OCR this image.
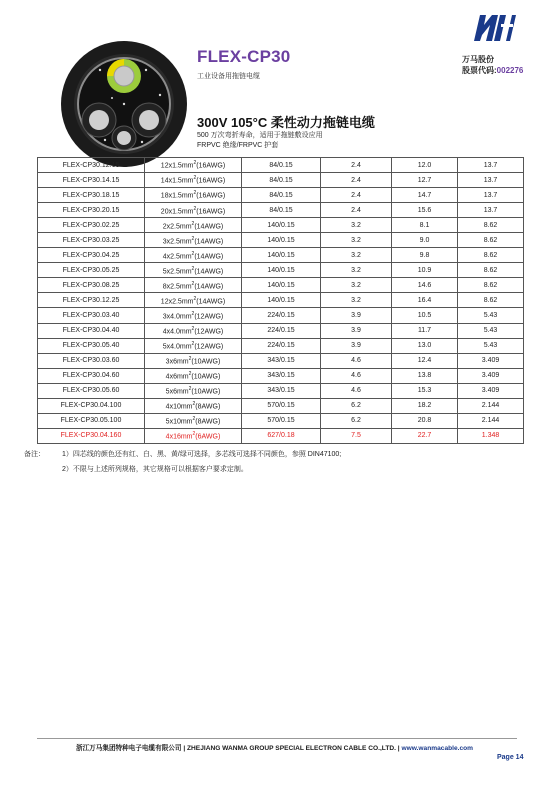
FLEX-CP30
工业设备用拖链电缆
万马股份
股票代码:002276
300V 105°C 柔性动力拖链电缆
500 万次弯折寿命，适用于拖链敷设应用
FRPVC 绝缘/FRPVC 护套
FLEX-CP30.12.15	$12x1.5mm^2(16AWG)$	84/0.15	2.4	12.0	13.7
FLEX-CP30.14.15	$14x1.5mm^2(16AWG)$	84/0.15	2.4	12.7	13.7
FLEX-CP30.18.15	$18x1.5mm^2(16AWG)$	84/0.15	2.4	14.7	13.7
FLEX-CP30.20.15	$20x1.5mm^2(16AWG)$	84/0.15	2.4	15.6	13.7
FLEX-CP30.02.25	$2x2.5mm^2(14AWG)$	140/0.15	3.2	8.1	8.62
FLEX-CP30.03.25	$3x2.5mm^2(14AWG)$	140/0.15	3.2	9.0	8.62
FLEX-CP30.04.25	$4x2.5mm^2(14AWG)$	140/0.15	3.2	9.8	8.62
FLEX-CP30.05.25	$5x2.5mm^2(14AWG)$	140/0.15	3.2	10.9	8.62
FLEX-CP30.08.25	$8x2.5mm^2(14AWG)$	140/0.15	3.2	14.6	8.62
FLEX-CP30.12.25	$12x2.5mm^2(14AWG)$	140/0.15	3.2	16.4	8.62
FLEX-CP30.03.40	$3x4.0mm^2(12AWG)$	224/0.15	3.9	10.5	5.43
FLEX-CP30.04.40	$4x4.0mm^2(12AWG)$	224/0.15	3.9	11.7	5.43
FLEX-CP30.05.40	$5x4.0mm^2(12AWG)$	224/0.15	3.9	13.0	5.43
FLEX-CP30.03.60	$3x6mm^2(10AWG)$	343/0.15	4.6	12.4	3.409
FLEX-CP30.04.60	$4x6mm^2(10AWG)$	343/0.15	4.6	13.8	3.409
FLEX-CP30.05.60	$5x6mm^2(10AWG)$	343/0.15	4.6	15.3	3.409
FLEX-CP30.04.100	$4x10mm^2(8AWG)$	570/0.15	6.2	18.2	2.144
FLEX-CP30.05.100	$5x10mm^2(8AWG)$	570/0.15	6.2	20.8	2.144
FLEX-CP30.04.160	$4x16mm^2(6AWG)$	627/0.18	7.5	22.7	1.348
备注： 1）四芯线的颜色还有红、白、黑、黄/绿可选择，多芯线可选择不同颜色，参照 DIN47100;
2）不限与上述所列规格，其它规格可以根据客户要求定制。
浙江万马集团特种电子电缆有限公司 | ZHEJIANG WANMA GROUP SPECIAL ELECTRON CABLE CO.,LTD. | www.wanmacable.com
Page 14
